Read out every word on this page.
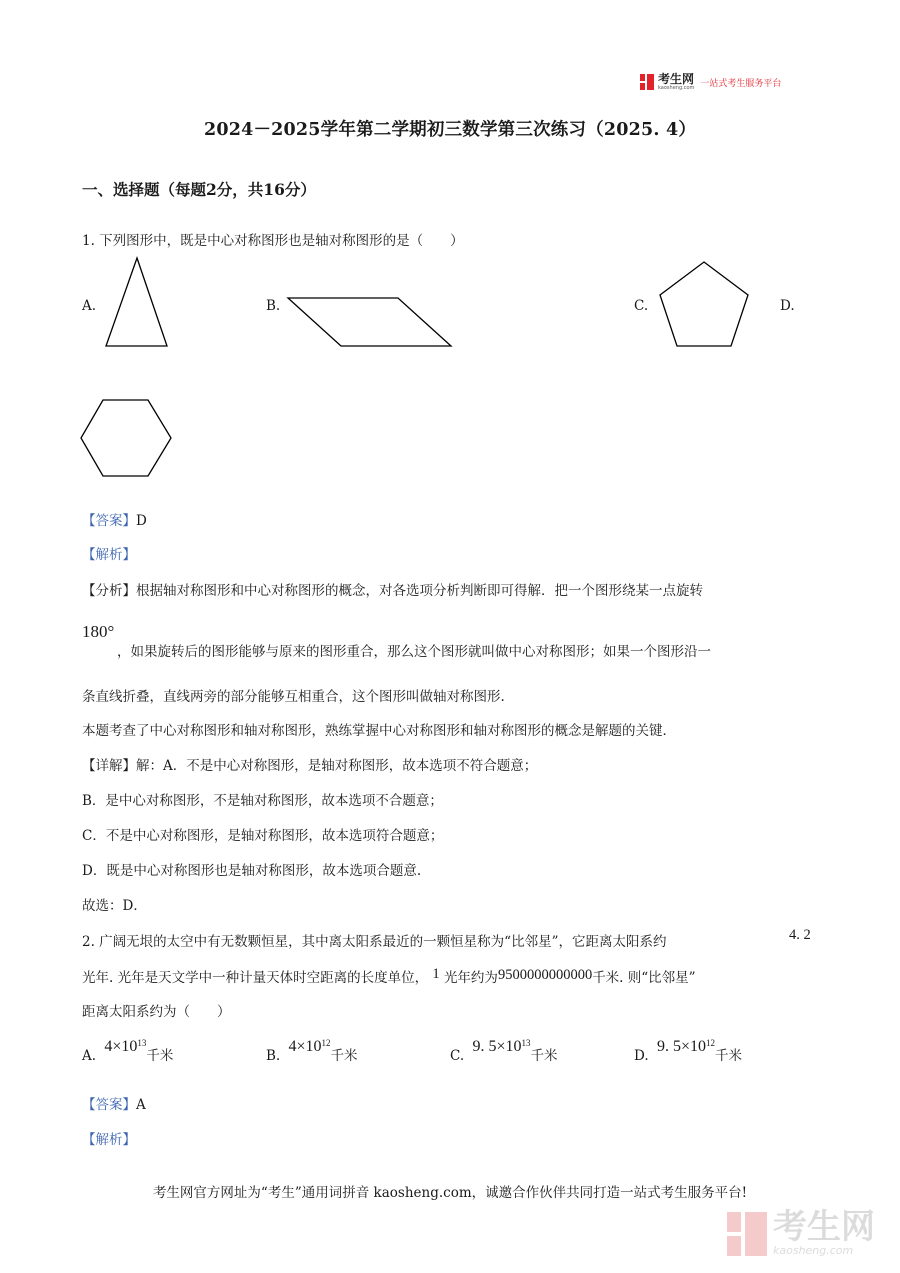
考生网
kaosheng.com 一站式考生服务平台
2024－2025学年第二学期初三数学第三次练习（2025. 4）
一、选择题（每题2分，共16分）
1. 下列图形中，既是中心对称图形也是轴对称图形的是（　　）
A.	B.	C.	D.
【答案】D
【解析】
【分析】根据轴对称图形和中心对称图形的概念，对各选项分析判断即可得解．把一个图形绕某一点旋转
180°
，如果旋转后的图形能够与原来的图形重合，那么这个图形就叫做中心对称图形；如果一个图形沿一
条直线折叠，直线两旁的部分能够互相重合，这个图形叫做轴对称图形.
本题考查了中心对称图形和轴对称图形，熟练掌握中心对称图形和轴对称图形的概念是解题的关键．
【详解】解：A．不是中心对称图形，是轴对称图形，故本选项不符合题意；
B．是中心对称图形，不是轴对称图形，故本选项不合题意；
C．不是中心对称图形，是轴对称图形，故本选项符合题意；
D．既是中心对称图形也是轴对称图形，故本选项合题意.
故选：D．
2. 广阔无垠的太空中有无数颗恒星，其中离太阳系最近的一颗恒星称为“比邻星”，它距离太阳系约	4. 2
光年. 光年是天文学中一种计量天体时空距离的长度单位， 1 光年约为9500000000000千米. 则“比邻星”
距离太阳系约为（　　）
A. $4\times 10^{13}$千米	B. $4\times 10^{12}$千米	C. 9. $5\times 10^{13}$千米	D. 9. $5\times 10^{12}$千米
【答案】A
【解析】
考生网官方网址为“考生”通用词拼音 kaosheng.com，诚邀合作伙伴共同打造一站式考生服务平台!
考生网
kaosheng.com
